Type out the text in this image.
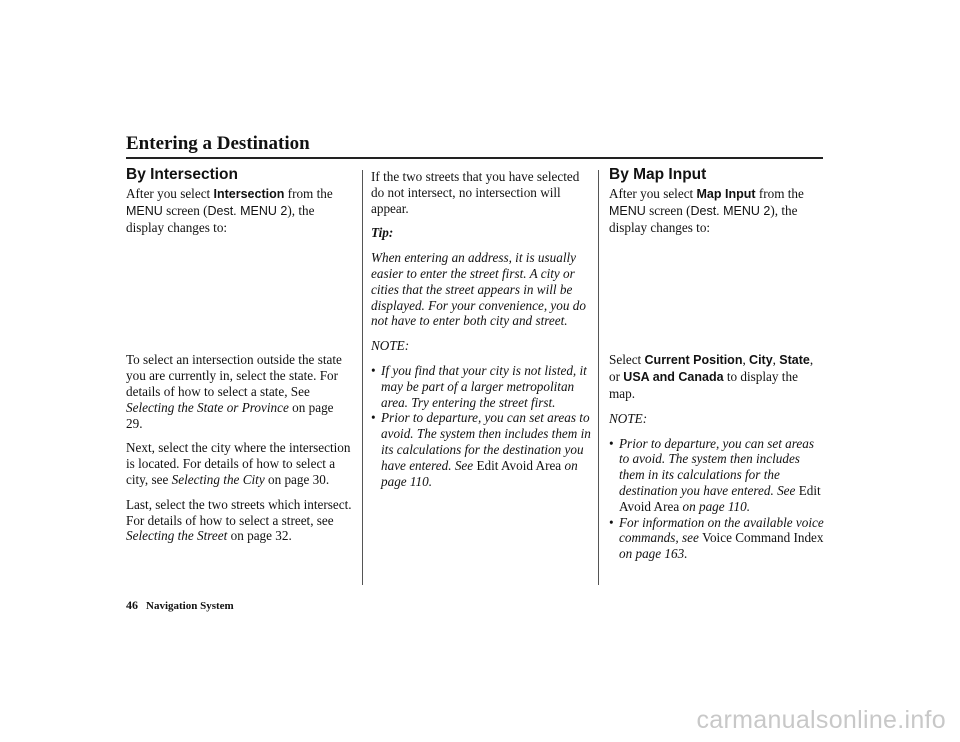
Entering a Destination
By Intersection

After you select Intersection from the MENU screen (Dest. MENU 2), the display changes to:

To select an intersection outside the state you are currently in, select the state. For details of how to select a state, See Selecting the State or Province on page 29.

Next, select the city where the intersection is located. For details of how to select a city, see Selecting the City on page 30.

Last, select the two streets which intersect. For details of how to select a street, see Selecting the Street on page 32.

If the two streets that you have selected do not intersect, no intersection will appear.

Tip:

When entering an address, it is usually easier to enter the street first. A city or cities that the street appears in will be displayed. For your convenience, you do not have to enter both city and street.

NOTE:

• If you find that your city is not listed, it may be part of a larger metropolitan area. Try entering the street first.
• Prior to departure, you can set areas to avoid. The system then includes them in its calculations for the destination you have entered. See Edit Avoid Area on page 110.
By Map Input

After you select Map Input from the MENU screen (Dest. MENU 2), the display changes to:

Select Current Position, City, State, or USA and Canada to display the map.

NOTE:

• Prior to departure, you can set areas to avoid. The system then includes them in its calculations for the destination you have entered. See Edit Avoid Area on page 110.
• For information on the available voice commands, see Voice Command Index on page 163.
46 Navigation System
carmanualsonline.info
